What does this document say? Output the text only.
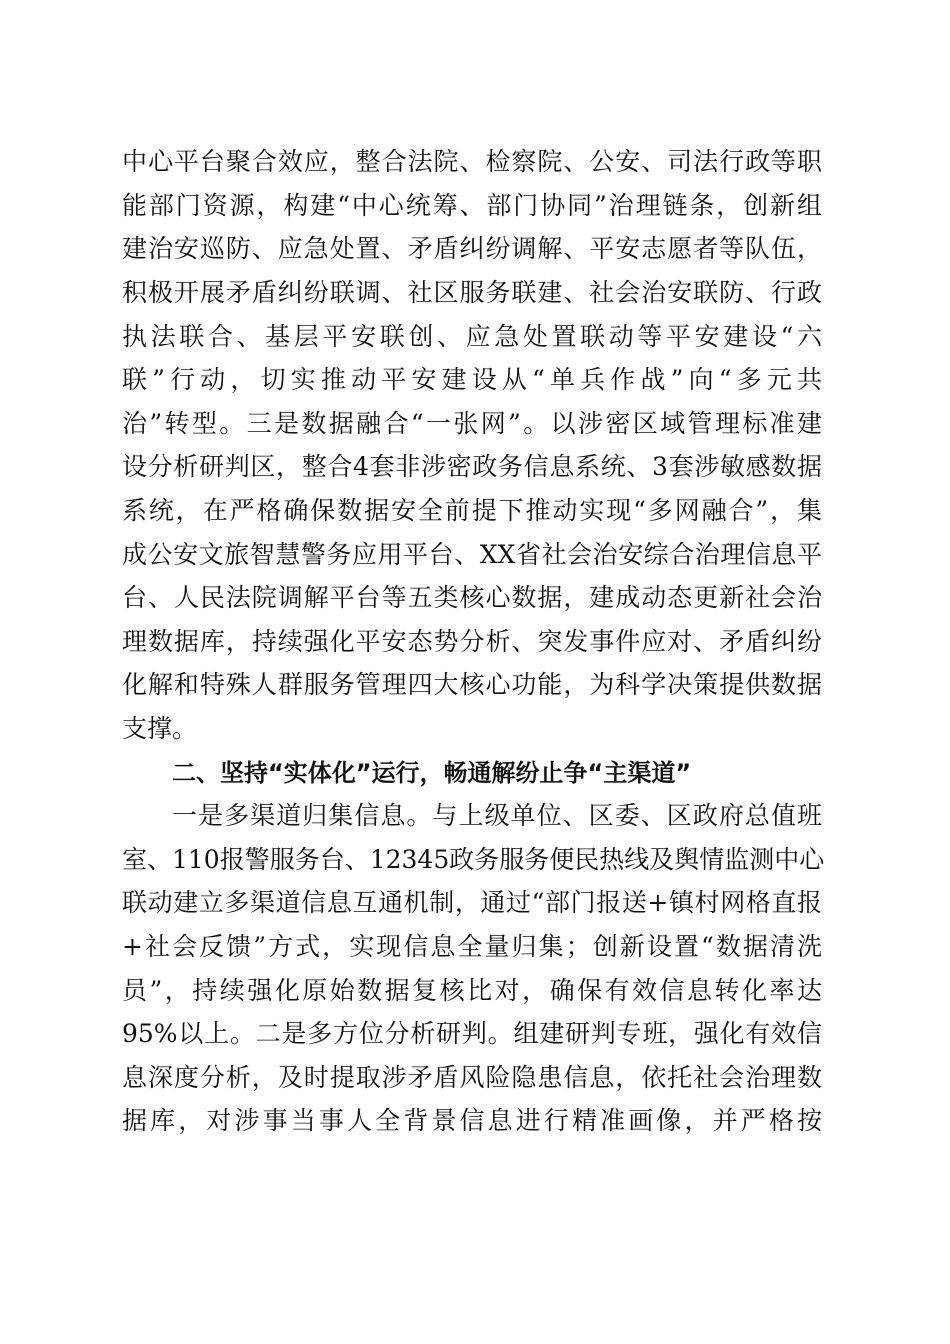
中心平台聚合效应，整合法院、检察院、公安、司法行政等职
能部门资源，构建“中心统筹、部门协同”治理链条，创新组
建治安巡防、应急处置、矛盾纠纷调解、平安志愿者等队伍，
积极开展矛盾纠纷联调、社区服务联建、社会治安联防、行政
执法联合、基层平安联创、应急处置联动等平安建设“六
联”行动，切实推动平安建设从“单兵作战”向“多元共
治”转型。三是数据融合“一张网”。以涉密区域管理标准建
设分析研判区，整合4套非涉密政务信息系统、3套涉敏感数据
系统，在严格确保数据安全前提下推动实现“多网融合”，集
成公安文旅智慧警务应用平台、XX省社会治安综合治理信息平
台、人民法院调解平台等五类核心数据，建成动态更新社会治
理数据库，持续强化平安态势分析、突发事件应对、矛盾纠纷
化解和特殊人群服务管理四大核心功能，为科学决策提供数据
支撑。
二、坚持“实体化”运行，畅通解纷止争“主渠道”
一是多渠道归集信息。与上级单位、区委、区政府总值班
室、110报警服务台、12345政务服务便民热线及舆情监测中心
联动建立多渠道信息互通机制，通过“部门报送+镇村网格直报
+社会反馈”方式，实现信息全量归集；创新设置“数据清洗
员”，持续强化原始数据复核比对，确保有效信息转化率达
95%以上。二是多方位分析研判。组建研判专班，强化有效信
息深度分析，及时提取涉矛盾风险隐患信息，依托社会治理数
据库，对涉事当事人全背景信息进行精准画像，并严格按
